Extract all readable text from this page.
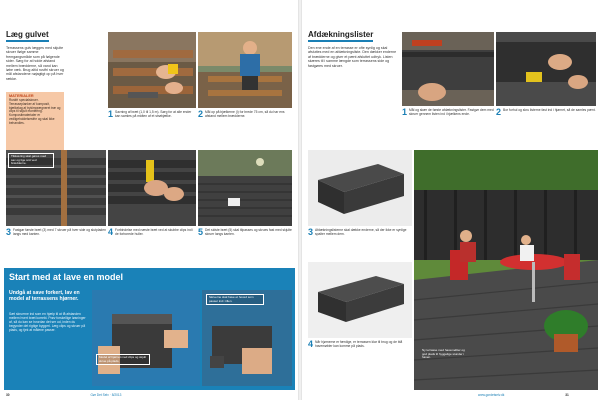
Læg gulvet
Terrassens gulv lægges med skjulte skruer ifølge samme fremgangsmåde som på følgende sider. Sørg for at holde afstand mellem brædderne, så vand kan løbe væk. Brug altid rustfri skruer og mål afstandene nøjagtigt op på hver række.
MATERIALER
Rustfri specialskruer. Terrasseplanker af komposit, bjælkelag af trykimprægneret træ og clips til skjult montering. Kompositmaterialer er vedligeholdelsesfrie og skal ikke behandles.
1 Savning af bræt (1,0 til 1,5 m). Sørg for at alle ender kan samles på midten af et strøbjælke.	2 Mål op på bjælkerne (i) for brede 75 cm, så du har ens afstand mellem brædderne.
Tilskæring skal gøres med sav og lige snit ved brædderne.
3 Fastgør første bræt (3) med 7 skruer på hver side og slutpladen langs med kanten.	4 Forbindelse med næste bræt ved at skubbe clips ind i de forborede huller.	5 Det sidste bræt (5) skal tilpasses og skrues fast med skjulte skruer langs kanten.
Start med at lave en model
Undgå at save forkert, lav en model af terrassens hjørner.
Sæt skruerne ind som en hjælp til at få afstanden mellem hvert bræt korrekt. Prøv forskellige løsninger af, så du kan se hvordan det ser ud, inden du begynder det rigtige byggeri. Læg clips og skruer på plads, og tjek at målene passer.
Model af hjørnet med clips og skjult skrue på plads.
Skruerne skal have et hoved som passer ind i rillen.
30	Gør Det Selv · 8/2013
Afdækningslister
Den ene ende af en terrasse er ofte synlig og skal afsluttes med en afdækningsliste. Den dækker enderne af brædderne og giver et pænt afsluttet udtryk. Listen skæres til i samme længde som terrassens side og fastgøres med skruer.
1 Mål og skær de første afdækningslister. Fastgør dem med skruer gennem listen ind i bjælkens ende.	2 Bor forhul og skru listerne fast ind i hjørnet, så de samles pænt.
3 Afdækningslisterne skal dække enderne, så der ikke er synlige spalter mellem dem.
4 Når hjørnerne er færdige, er terrassen klar til brug og de blå havemøbler kan komme på plads.
Ny terrasse med havemøbler og god plads til hyggelige stunder i haven.
www.gordetselv.dk	31
